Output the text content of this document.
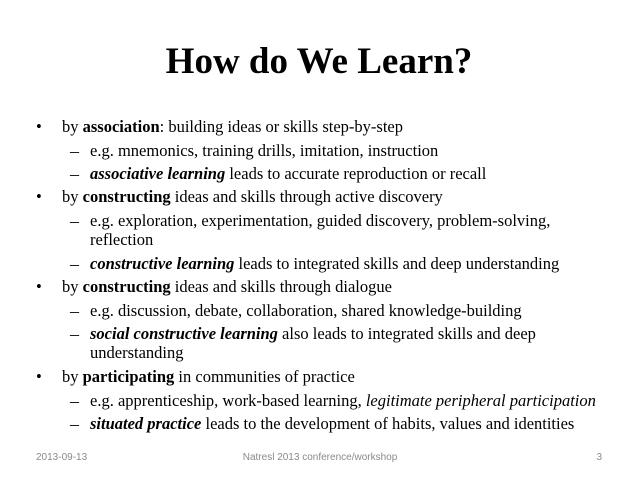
How do We Learn?
•	by association: building ideas or skills step-by-step
– e.g. mnemonics, training drills, imitation, instruction
– associative learning leads to accurate reproduction or recall
•	by constructing ideas and skills through active discovery
– e.g. exploration, experimentation, guided discovery, problem-solving,
reflection
– constructive learning leads to integrated skills and deep understanding
•	by constructing ideas and skills through dialogue
– e.g. discussion, debate, collaboration, shared knowledge-building
– social constructive learning also leads to integrated skills and deep
understanding
•	by participating in communities of practice
– e.g. apprenticeship, work-based learning, legitimate peripheral participation
– situated practice leads to the development of habits, values and identities
2013-09-13	Natresl 2013 conference/workshop	3
